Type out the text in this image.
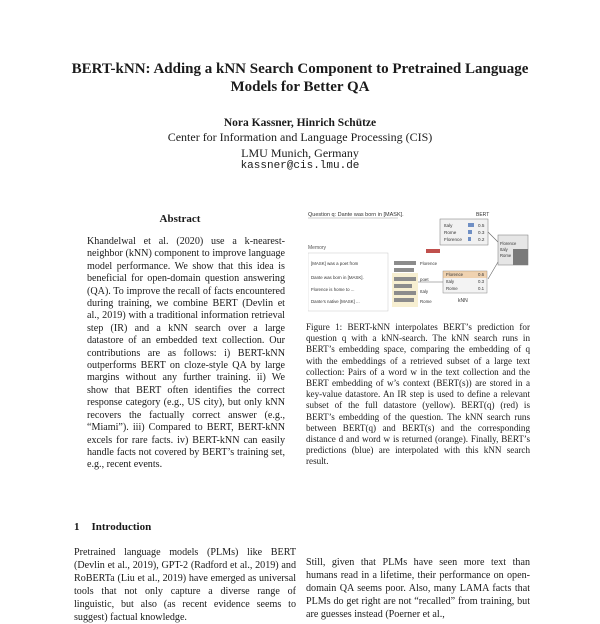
BERT-kNN: Adding a kNN Search Component to Pretrained Language
Models for Better QA
Nora Kassner, Hinrich Schütze
Center for Information and Language Processing (CIS)
LMU Munich, Germany
kassner@cis.lmu.de
Abstract

Khandelwal et al. (2020) use a k-nearest-neighbor (kNN) component to improve language model performance. We show that this idea is beneficial for open-domain question answering (QA). To improve the recall of facts encountered during training, we combine BERT (Devlin et al., 2019) with a traditional information retrieval step (IR) and a kNN search over a large datastore of an embedded text collection. Our contributions are as follows: i) BERT-kNN outperforms BERT on cloze-style QA by large margins without any further training. ii) We show that BERT often identifies the correct response category (e.g., US city), but only kNN recovers the factually correct answer (e.g., “Miami”). iii) Compared to BERT, BERT-kNN excels for rare facts. iv) BERT-kNN can easily handle facts not covered by BERT’s training set, e.g., recent events.

1 Introduction

Pretrained language models (PLMs) like BERT (Devlin et al., 2019), GPT-2 (Radford et al., 2019) and RoBERTa (Liu et al., 2019) have emerged as universal tools that not only capture a diverse range of linguistic, but also (as recent evidence seems to suggest) factual knowledge.

Question q: Dante was born in [MASK].	BERT
Italy	0.5
Rome	0.3
Florence	0.2
Florence
Italy
Rome
Memory
[MASK] was a poet from
Dante was born in [MASK].
Florence is home to ...
Dante’s native [MASK] ...
Florence
poet
Italy
Rome
Florence	0.6
Italy	0.3
Rome	0.1
kNN

Figure 1: BERT-kNN interpolates BERT’s prediction for question q with a kNN-search. The kNN search runs in BERT’s embedding space, comparing the embedding of q with the embeddings of a retrieved subset of a large text collection: Pairs of a word w in the text collection and the BERT embedding of w’s context (BERT(s)) are stored in a key-value datastore. An IR step is used to define a relevant subset of the full datastore (yellow). BERT(q) (red) is BERT’s embedding of the question. The kNN search runs between BERT(q) and BERT(s) and the corresponding distance d and word w is returned (orange). Finally, BERT’s predictions (blue) are interpolated with this kNN search result.

Still, given that PLMs have seen more text than humans read in a lifetime, their performance on open-domain QA seems poor. Also, many LAMA facts that PLMs do get right are not “recalled” from training, but are guesses instead (Poerner et al.,
